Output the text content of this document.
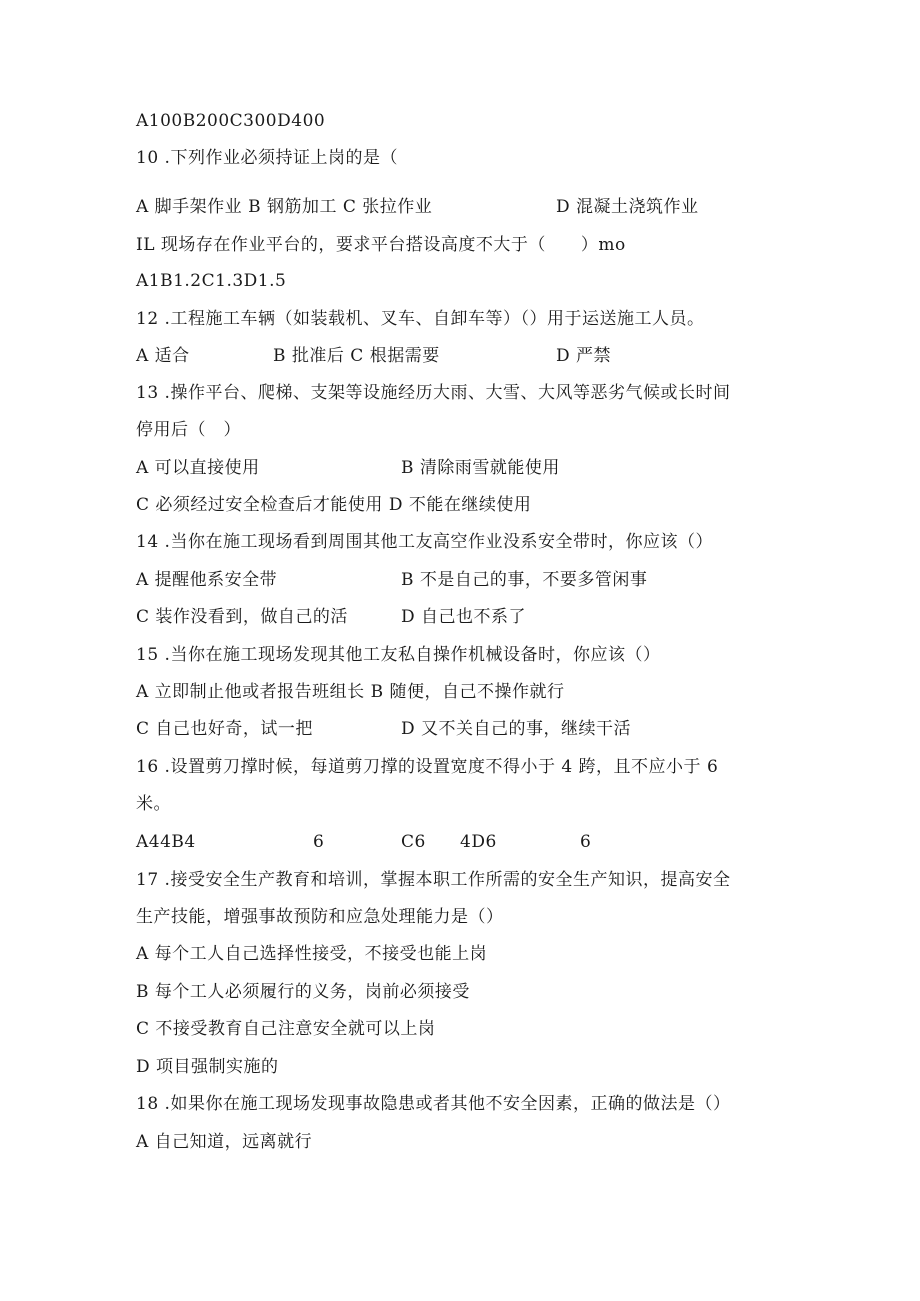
A100B200C300D400
10 .下列作业必须持证上岗的是（
A 脚手架作业 B 钢筋加工 C 张拉作业	D 混凝土浇筑作业
IL 现场存在作业平台的，要求平台搭设高度不大于（　　）mo
A1B1.2C1.3D1.5
12 .工程施工车辆（如装载机、叉车、自卸车等）（）用于运送施工人员。
A 适合	B 批准后 C 根据需要	D 严禁
13 .操作平台、爬梯、支架等设施经历大雨、大雪、大风等恶劣气候或长时间
停用后（　）
A 可以直接使用	B 清除雨雪就能使用
C 必须经过安全检查后才能使用 D 不能在继续使用
14 .当你在施工现场看到周围其他工友高空作业没系安全带时，你应该（）
A 提醒他系安全带	B 不是自己的事，不要多管闲事
C 装作没看到，做自己的活	D 自己也不系了
15 .当你在施工现场发现其他工友私自操作机械设备时，你应该（）
A 立即制止他或者报告班组长 B 随便，自己不操作就行
C 自己也好奇，试一把	D 又不关自己的事，继续干活
16 .设置剪刀撑时候，每道剪刀撑的设置宽度不得小于 4 跨，且不应小于 6
米。
A44B4	6	C6 4D6	6
17 .接受安全生产教育和培训，掌握本职工作所需的安全生产知识，提高安全
生产技能，增强事故预防和应急处理能力是（）
A 每个工人自己选择性接受，不接受也能上岗
B 每个工人必须履行的义务，岗前必须接受
C 不接受教育自己注意安全就可以上岗
D 项目强制实施的
18 .如果你在施工现场发现事故隐患或者其他不安全因素，正确的做法是（）
A 自己知道，远离就行
